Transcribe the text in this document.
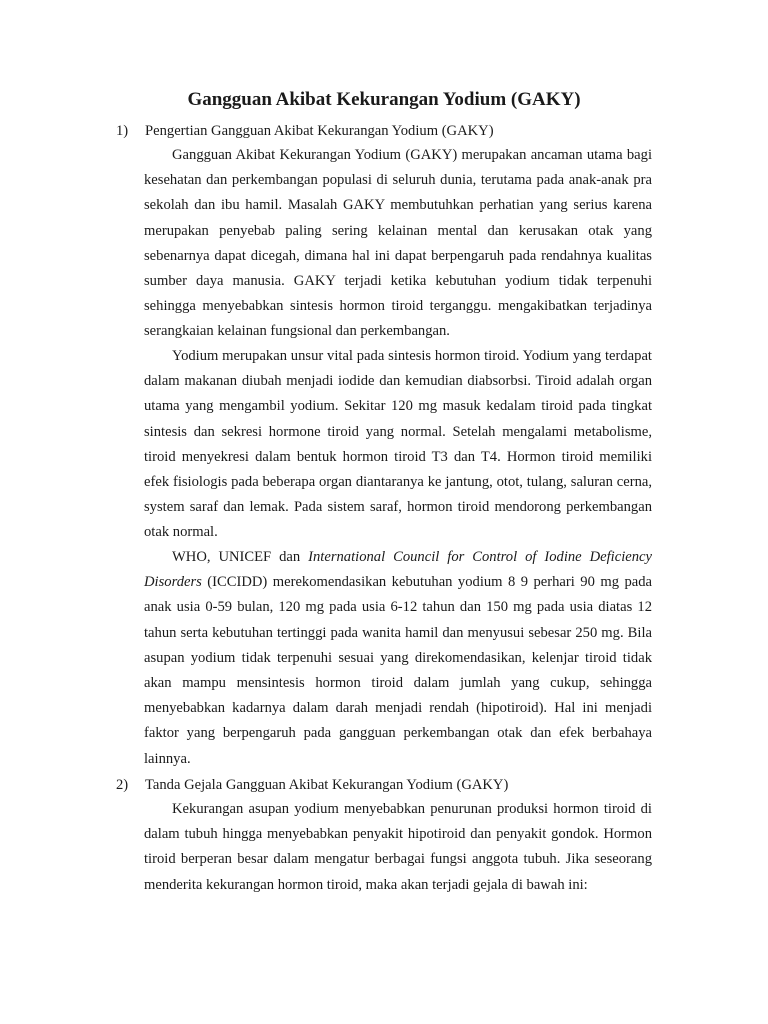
Gangguan Akibat Kekurangan Yodium (GAKY)
1) Pengertian Gangguan Akibat Kekurangan Yodium (GAKY)

Gangguan Akibat Kekurangan Yodium (GAKY) merupakan ancaman utama bagi kesehatan dan perkembangan populasi di seluruh dunia, terutama pada anak-anak pra sekolah dan ibu hamil. Masalah GAKY membutuhkan perhatian yang serius karena merupakan penyebab paling sering kelainan mental dan kerusakan otak yang sebenarnya dapat dicegah, dimana hal ini dapat berpengaruh pada rendahnya kualitas sumber daya manusia. GAKY terjadi ketika kebutuhan yodium tidak terpenuhi sehingga menyebabkan sintesis hormon tiroid terganggu. mengakibatkan terjadinya serangkaian kelainan fungsional dan perkembangan.

Yodium merupakan unsur vital pada sintesis hormon tiroid. Yodium yang terdapat dalam makanan diubah menjadi iodide dan kemudian diabsorbsi. Tiroid adalah organ utama yang mengambil yodium. Sekitar 120 mg masuk kedalam tiroid pada tingkat sintesis dan sekresi hormone tiroid yang normal. Setelah mengalami metabolisme, tiroid menyekresi dalam bentuk hormon tiroid T3 dan T4. Hormon tiroid memiliki efek fisiologis pada beberapa organ diantaranya ke jantung, otot, tulang, saluran cerna, system saraf dan lemak. Pada sistem saraf, hormon tiroid mendorong perkembangan otak normal.

WHO, UNICEF dan International Council for Control of Iodine Deficiency Disorders (ICCIDD) merekomendasikan kebutuhan yodium 8 9 perhari 90 mg pada anak usia 0-59 bulan, 120 mg pada usia 6-12 tahun dan 150 mg pada usia diatas 12 tahun serta kebutuhan tertinggi pada wanita hamil dan menyusui sebesar 250 mg. Bila asupan yodium tidak terpenuhi sesuai yang direkomendasikan, kelenjar tiroid tidak akan mampu mensintesis hormon tiroid dalam jumlah yang cukup, sehingga menyebabkan kadarnya dalam darah menjadi rendah (hipotiroid). Hal ini menjadi faktor yang berpengaruh pada gangguan perkembangan otak dan efek berbahaya lainnya.

2) Tanda Gejala Gangguan Akibat Kekurangan Yodium (GAKY)

Kekurangan asupan yodium menyebabkan penurunan produksi hormon tiroid di dalam tubuh hingga menyebabkan penyakit hipotiroid dan penyakit gondok. Hormon tiroid berperan besar dalam mengatur berbagai fungsi anggota tubuh. Jika seseorang menderita kekurangan hormon tiroid, maka akan terjadi gejala di bawah ini:
